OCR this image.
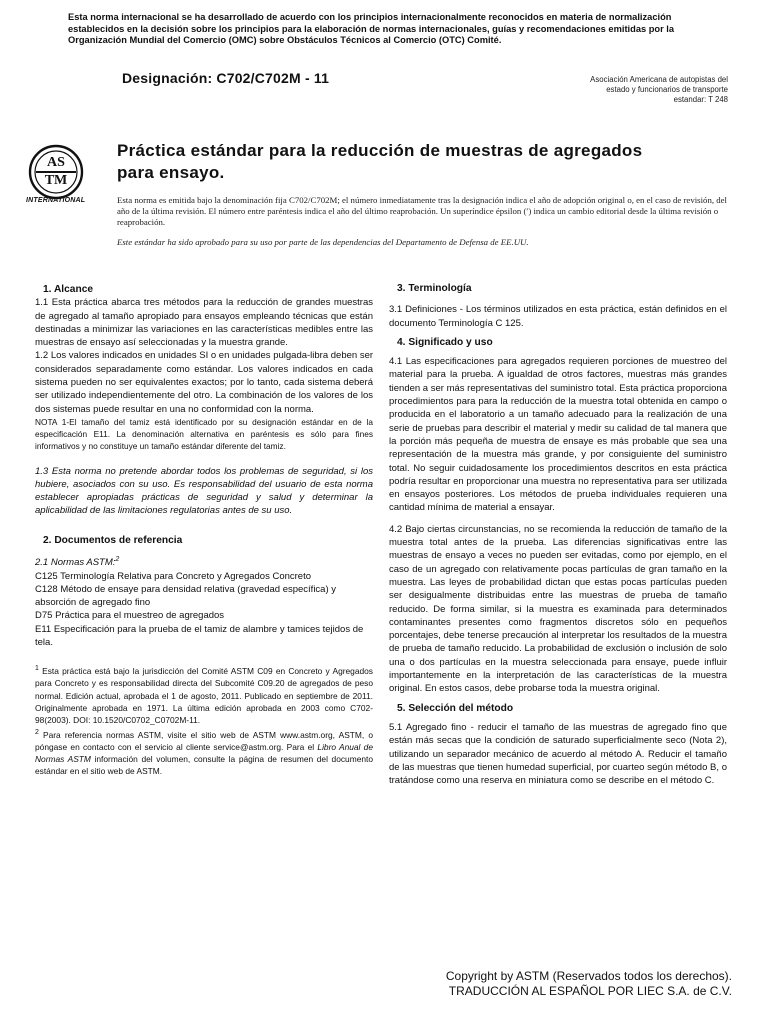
Esta norma internacional se ha desarrollado de acuerdo con los principios internacionalmente reconocidos en materia de normalización establecidos en la decisión sobre los principios para la elaboración de normas internacionales, guías y recomendaciones emitidas por la Organización Mundial del Comercio (OMC) sobre Obstáculos Técnicos al Comercio (OTC) Comité.
Designación: C702/C702M - 11	Asociación Americana de autopistas del estado y funcionarios de transporte estandar: T 248
AS
TM
INTERNATIONAL
Práctica estándar para la reducción de muestras de agregados para ensayo.
Esta norma es emitida bajo la denominación fija C702/C702M; el número inmediatamente tras la designación indica el año de adopción original o, en el caso de revisión, del año de la última revisión. El número entre paréntesis indica el año del último reaprobación. Un superíndice épsilon (ʹ) indica un cambio editorial desde la última revisión o reaprobación.
Este estándar ha sido aprobado para su uso por parte de las dependencias del Departamento de Defensa de EE.UU.
1. Alcance

1.1 Esta práctica abarca tres métodos para la reducción de grandes muestras de agregado al tamaño apropiado para ensayos empleando técnicas que están destinadas a minimizar las variaciones en las características medibles entre las muestras de ensayo así seleccionadas y la muestra grande.

1.2 Los valores indicados en unidades SI o en unidades pulgada-libra deben ser considerados separadamente como estándar. Los valores indicados en cada sistema pueden no ser equivalentes exactos; por lo tanto, cada sistema deberá ser utilizado independientemente del otro. La combinación de los valores de los dos sistemas puede resultar en una no conformidad con la norma.

NOTA 1-El tamaño del tamiz está identificado por su designación estándar en de la especificación E11. La denominación alternativa en paréntesis es sólo para fines informativos y no constituye un tamaño estándar diferente del tamiz.

1.3 Esta norma no pretende abordar todos los problemas de seguridad, si los hubiere, asociados con su uso. Es responsabilidad del usuario de esta norma establecer apropiadas prácticas de seguridad y salud y determinar la aplicabilidad de las limitaciones regulatorias antes de su uso.

2. Documentos de referencia
2.1 Normas ASTM:$^2$
C125 Terminología Relativa para Concreto y Agregados Concreto
C128 Método de ensaye para densidad relativa (gravedad específica) y absorción de agregado fino
D75 Práctica para el muestreo de agregados
E11 Especificación para la prueba de el tamiz de alambre y tamices tejidos de tela.
$^1$ Esta práctica está bajo la jurisdicción del Comité ASTM C09 en Concreto y Agregados para Concreto y es responsabilidad directa del Subcomité C09.20 de agregados de peso normal. Edición actual, aprobada el 1 de agosto, 2011. Publicado en septiembre de 2011. Originalmente aprobada en 1971. La última edición aprobada en 2003 como C702-98(2003). DOI: 10.1520/C0702_C0702M-11.
$^2$ Para referencia normas ASTM, visite el sitio web de ASTM www.astm.org, ASTM, o póngase en contacto con el servicio al cliente service@astm.org. Para el Libro Anual de Normas ASTM información del volumen, consulte la página de resumen del documento estándar en el sitio web de ASTM.
3. Terminología

3.1 Definiciones - Los términos utilizados en esta práctica, están definidos en el documento Terminología C 125.

4. Significado y uso

4.1 Las especificaciones para agregados requieren porciones de muestreo del material para la prueba. A igualdad de otros factores, muestras más grandes tienden a ser más representativas del suministro total. Esta práctica proporciona procedimientos para para la reducción de la muestra total obtenida en campo o producida en el laboratorio a un tamaño adecuado para la realización de una serie de pruebas para describir el material y medir su calidad de tal manera que la porción más pequeña de muestra de ensaye es más probable que sea una representación de la muestra más grande, y por consiguiente del suministro total. No seguir cuidadosamente los procedimientos descritos en esta práctica podría resultar en proporcionar una muestra no representativa para ser utilizada en ensayos posteriores. Los métodos de prueba individuales requieren una cantidad mínima de material a ensayar.

4.2 Bajo ciertas circunstancias, no se recomienda la reducción de tamaño de la muestra total antes de la prueba. Las diferencias significativas entre las muestras de ensayo a veces no pueden ser evitadas, como por ejemplo, en el caso de un agregado con relativamente pocas partículas de gran tamaño en la muestra. Las leyes de probabilidad dictan que estas pocas partículas pueden ser desigualmente distribuidas entre las muestras de prueba de tamaño reducido. De forma similar, si la muestra es examinada para determinados contaminantes presentes como fragmentos discretos sólo en pequeños porcentajes, debe tenerse precaución al interpretar los resultados de la muestra de prueba de tamaño reducido. La probabilidad de exclusión o inclusión de solo una o dos partículas en la muestra seleccionada para ensaye, puede influir importantemente en la interpretación de las características de la muestra original. En estos casos, debe probarse toda la muestra original.

5. Selección del método

5.1 Agregado fino - reducir el tamaño de las muestras de agregado fino que están más secas que la condición de saturado superficialmente seco (Nota 2), utilizando un separador mecánico de acuerdo al método A. Reducir el tamaño de las muestras que tienen humedad superficial, por cuarteo según método B, o tratándose como una reserva en miniatura como se describe en el método C.

Copyright by ASTM (Reservados todos los derechos).
TRADUCCIÓN AL ESPAÑOL POR LIEC S.A. de C.V.
